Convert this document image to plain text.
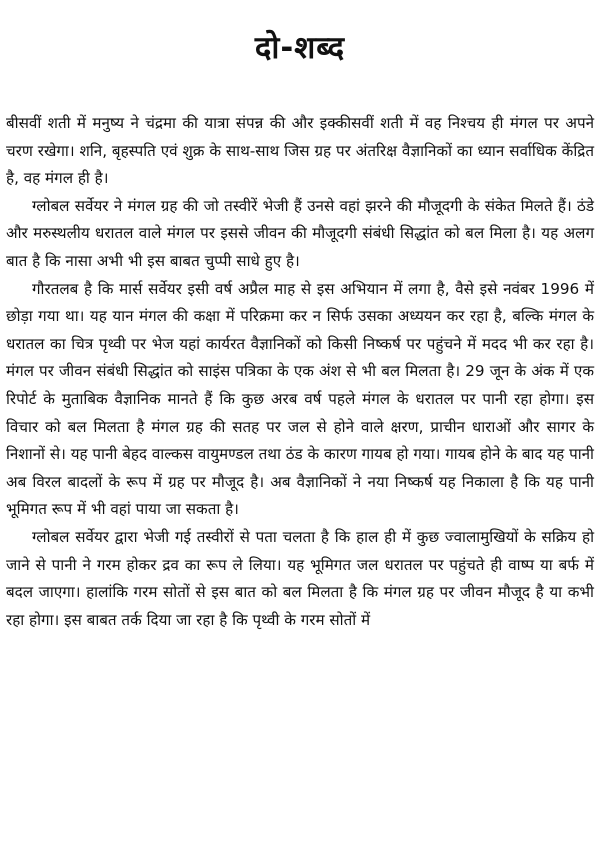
दो-शब्द

बीसवीं शती में मनुष्य ने चंद्रमा की यात्रा संपन्न की और इक्कीसवीं शती में वह निश्चय ही मंगल पर अपने चरण रखेगा। शनि, बृहस्पति एवं शुक्र के साथ-साथ जिस ग्रह पर अंतरिक्ष वैज्ञानिकों का ध्यान सर्वाधिक केंद्रित है, वह मंगल ही है।

ग्लोबल सर्वेयर ने मंगल ग्रह की जो तस्वीरें भेजी हैं उनसे वहां झरने की मौजूदगी के संकेत मिलते हैं। ठंडे और मरुस्थलीय धरातल वाले मंगल पर इससे जीवन की मौजूदगी संबंधी सिद्धांत को बल मिला है। यह अलग बात है कि नासा अभी भी इस बाबत चुप्पी साधे हुए है।

गौरतलब है कि मार्स सर्वेयर इसी वर्ष अप्रैल माह से इस अभियान में लगा है, वैसे इसे नवंबर 1996 में छोड़ा गया था। यह यान मंगल की कक्षा में परिक्रमा कर न सिर्फ उसका अध्ययन कर रहा है, बल्कि मंगल के धरातल का चित्र पृथ्वी पर भेज यहां कार्यरत वैज्ञानिकों को किसी निष्कर्ष पर पहुंचने में मदद भी कर रहा है। मंगल पर जीवन संबंधी सिद्धांत को साइंस पत्रिका के एक अंश से भी बल मिलता है। 29 जून के अंक में एक रिपोर्ट के मुताबिक वैज्ञानिक मानते हैं कि कुछ अरब वर्ष पहले मंगल के धरातल पर पानी रहा होगा। इस विचार को बल मिलता है मंगल ग्रह की सतह पर जल से होने वाले क्षरण, प्राचीन धाराओं और सागर के निशानों से। यह पानी बेहद वाल्कस वायुमण्डल तथा ठंड के कारण गायब हो गया। गायब होने के बाद यह पानी अब विरल बादलों के रूप में ग्रह पर मौजूद है। अब वैज्ञानिकों ने नया निष्कर्ष यह निकाला है कि यह पानी भूमिगत रूप में भी वहां पाया जा सकता है।

ग्लोबल सर्वेयर द्वारा भेजी गई तस्वीरों से पता चलता है कि हाल ही में कुछ ज्वालामुखियों के सक्रिय हो जाने से पानी ने गरम होकर द्रव का रूप ले लिया। यह भूमिगत जल धरातल पर पहुंचते ही वाष्प या बर्फ में बदल जाएगा। हालांकि गरम सोतों से इस बात को बल मिलता है कि मंगल ग्रह पर जीवन मौजूद है या कभी रहा होगा। इस बाबत तर्क दिया जा रहा है कि पृथ्वी के गरम सोतों में
